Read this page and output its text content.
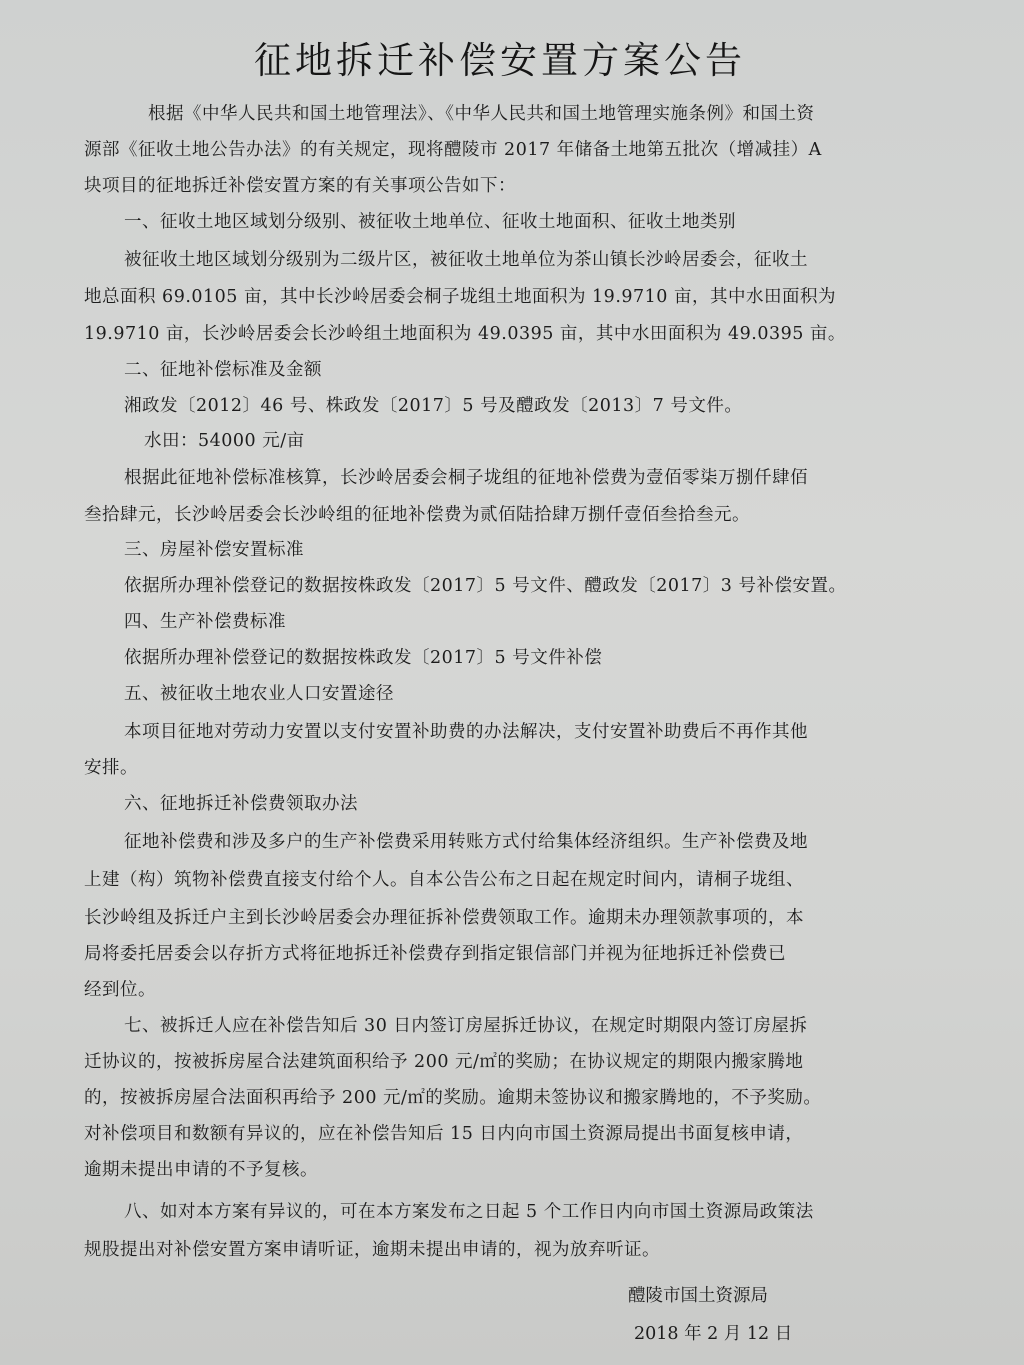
征地拆迁补偿安置方案公告
根据《中华人民共和国土地管理法》、《中华人民共和国土地管理实施条例》和国土资
源部《征收土地公告办法》的有关规定，现将醴陵市 2017 年储备土地第五批次（增减挂）A
块项目的征地拆迁补偿安置方案的有关事项公告如下：
一、征收土地区域划分级别、被征收土地单位、征收土地面积、征收土地类别
被征收土地区域划分级别为二级片区，被征收土地单位为茶山镇长沙岭居委会，征收土
地总面积 69.0105 亩，其中长沙岭居委会桐子垅组土地面积为 19.9710 亩，其中水田面积为
19.9710 亩，长沙岭居委会长沙岭组土地面积为 49.0395 亩，其中水田面积为 49.0395 亩。
二、征地补偿标准及金额
湘政发〔2012〕46 号、株政发〔2017〕5 号及醴政发〔2013〕7 号文件。
水田：54000 元/亩
根据此征地补偿标准核算，长沙岭居委会桐子垅组的征地补偿费为壹佰零柒万捌仟肆佰
叁拾肆元，长沙岭居委会长沙岭组的征地补偿费为贰佰陆拾肆万捌仟壹佰叁拾叁元。
三、房屋补偿安置标准
依据所办理补偿登记的数据按株政发〔2017〕5 号文件、醴政发〔2017〕3 号补偿安置。
四、生产补偿费标准
依据所办理补偿登记的数据按株政发〔2017〕5 号文件补偿
五、被征收土地农业人口安置途径
本项目征地对劳动力安置以支付安置补助费的办法解决，支付安置补助费后不再作其他
安排。
六、征地拆迁补偿费领取办法
征地补偿费和涉及多户的生产补偿费采用转账方式付给集体经济组织。生产补偿费及地
上建（构）筑物补偿费直接支付给个人。自本公告公布之日起在规定时间内，请桐子垅组、
长沙岭组及拆迁户主到长沙岭居委会办理征拆补偿费领取工作。逾期未办理领款事项的，本
局将委托居委会以存折方式将征地拆迁补偿费存到指定银信部门并视为征地拆迁补偿费已
经到位。
七、被拆迁人应在补偿告知后 30 日内签订房屋拆迁协议，在规定时期限内签订房屋拆
迁协议的，按被拆房屋合法建筑面积给予 200 元/㎡的奖励；在协议规定的期限内搬家腾地
的，按被拆房屋合法面积再给予 200 元/㎡的奖励。逾期未签协议和搬家腾地的，不予奖励。
对补偿项目和数额有异议的，应在补偿告知后 15 日内向市国土资源局提出书面复核申请，
逾期未提出申请的不予复核。
八、如对本方案有异议的，可在本方案发布之日起 5 个工作日内向市国土资源局政策法
规股提出对补偿安置方案申请听证，逾期未提出申请的，视为放弃听证。
醴陵市国土资源局
2018 年 2 月 12 日
